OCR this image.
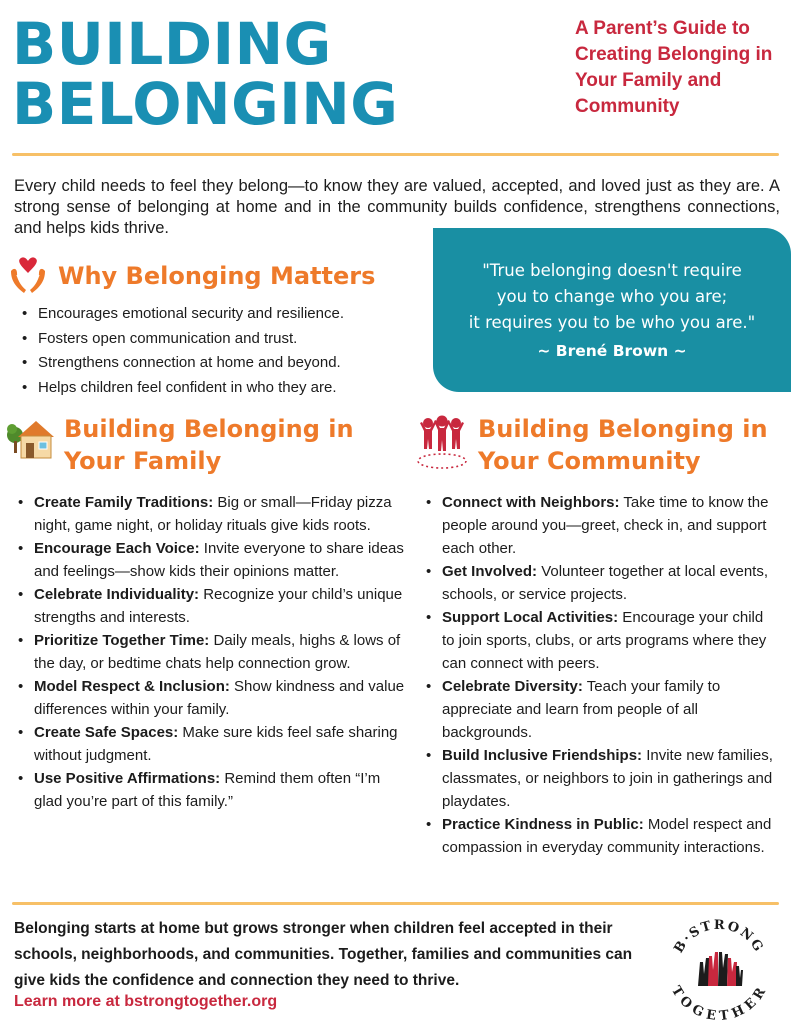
BUILDING
BELONGING
A Parent’s Guide to Creating Belonging in Your Family and Community

Every child needs to feel they belong—to know they are valued, accepted, and loved just as they are. A strong sense of belonging at home and in the community builds confidence, strengthens connections, and helps kids thrive.

"True belonging doesn't require
you to change who you are;
it requires you to be who you are."
~ Brené Brown ~
Why Belonging Matters
• Encourages emotional security and resilience.
• Fosters open communication and trust.
• Strengthens connection at home and beyond.
• Helps children feel confident in who they are.
Building Belonging in Your Family
• Create Family Traditions: Big or small—Friday pizza night, game night, or holiday rituals give kids roots.
• Encourage Each Voice: Invite everyone to share ideas and feelings—show kids their opinions matter.
• Celebrate Individuality: Recognize your child’s unique strengths and interests.
• Prioritize Together Time: Daily meals, highs & lows of the day, or bedtime chats help connection grow.
• Model Respect & Inclusion: Show kindness and value differences within your family.
• Create Safe Spaces: Make sure kids feel safe sharing without judgment.
• Use Positive Affirmations: Remind them often “I’m glad you’re part of this family.”
Building Belonging in Your Community
• Connect with Neighbors: Take time to know the people around you—greet, check in, and support each other.
• Get Involved: Volunteer together at local events, schools, or service projects.
• Support Local Activities: Encourage your child to join sports, clubs, or arts programs where they can connect with peers.
• Celebrate Diversity: Teach your family to appreciate and learn from people of all backgrounds.
• Build Inclusive Friendships: Invite new families, classmates, or neighbors to join in gatherings and playdates.
• Practice Kindness in Public: Model respect and compassion in everyday community interactions.

Belonging starts at home but grows stronger when children feel accepted in their schools, neighborhoods, and communities. Together, families and communities can give kids the confidence and connection they need to thrive.

Learn more at bstrongtogether.org
B·STRONG
TOGETHER
